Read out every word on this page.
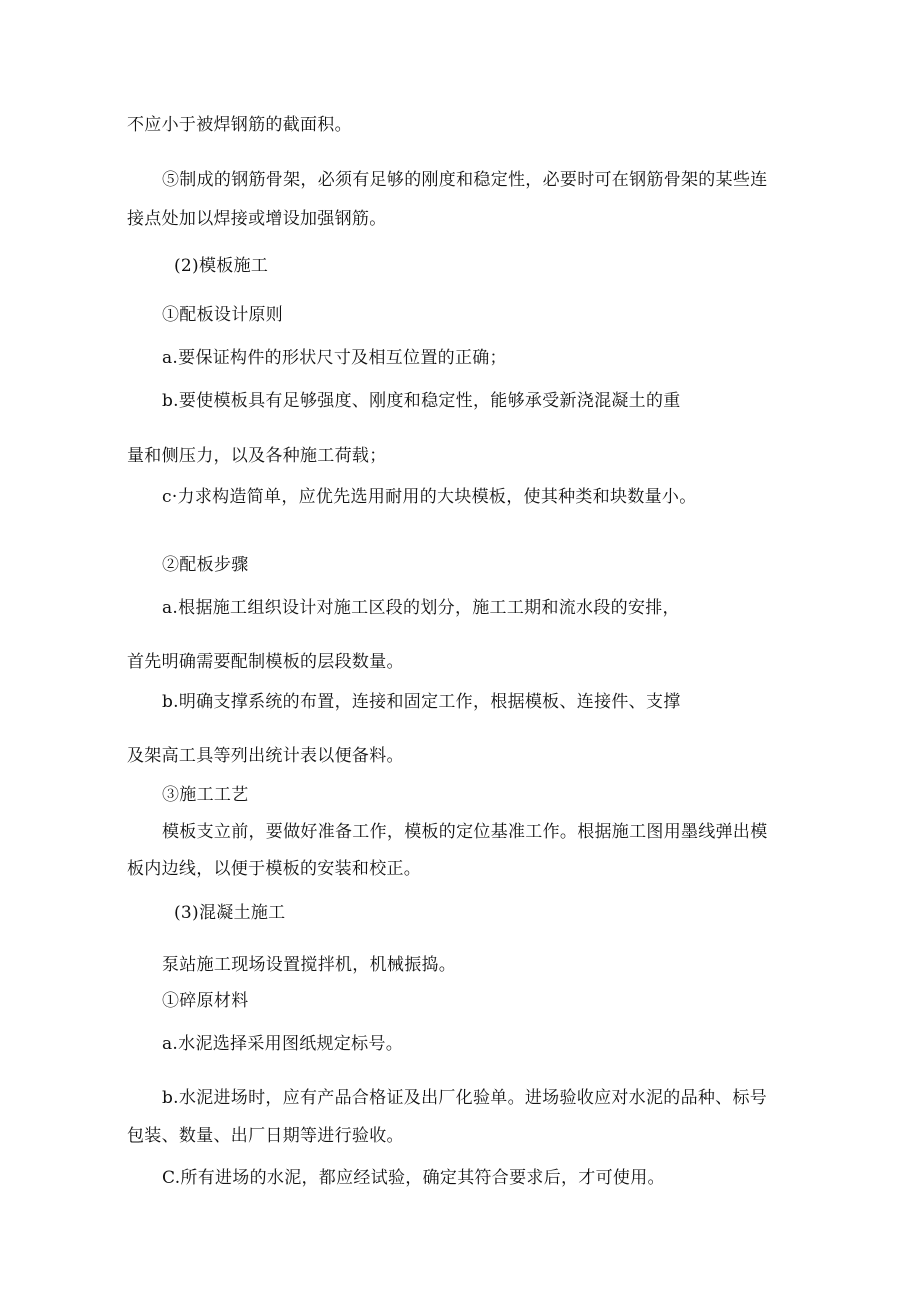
不应小于被焊钢筋的截面积。
⑤制成的钢筋骨架，必须有足够的刚度和稳定性，必要时可在钢筋骨架的某些连
接点处加以焊接或增设加强钢筋。
(2)模板施工
①配板设计原则
a.要保证构件的形状尺寸及相互位置的正确；
b.要使模板具有足够强度、刚度和稳定性，能够承受新浇混凝土的重
量和侧压力，以及各种施工荷载；
c·力求构造简单，应优先选用耐用的大块模板，使其种类和块数量小。
②配板步骤
a.根据施工组织设计对施工区段的划分，施工工期和流水段的安排，
首先明确需要配制模板的层段数量。
b.明确支撑系统的布置，连接和固定工作，根据模板、连接件、支撑
及架高工具等列出统计表以便备料。
③施工工艺
模板支立前，要做好准备工作，模板的定位基准工作。根据施工图用墨线弹出模
板内边线，以便于模板的安装和校正。
(3)混凝土施工
泵站施工现场设置搅拌机，机械振捣。
①碎原材料
a.水泥选择采用图纸规定标号。
b.水泥进场时，应有产品合格证及出厂化验单。进场验收应对水泥的品种、标号
包装、数量、出厂日期等进行验收。
C.所有进场的水泥，都应经试验，确定其符合要求后，才可使用。
